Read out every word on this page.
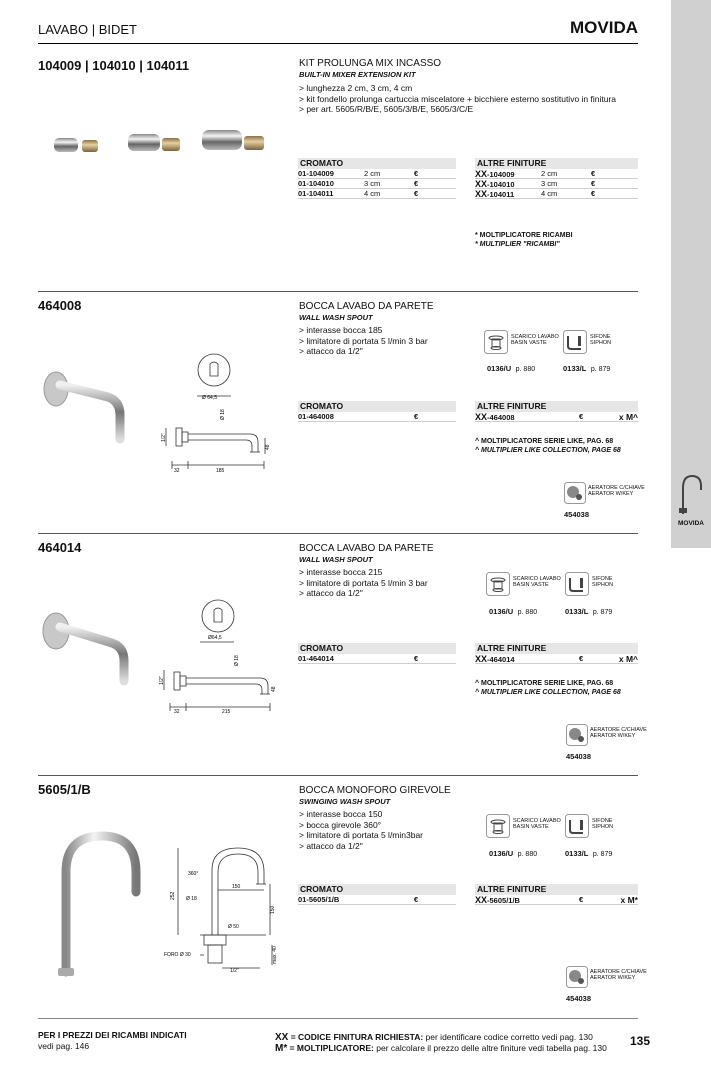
LAVABO | BIDET	MOVIDA
MOVIDA
104009 | 104010 | 104011	KIT PROLUNGA MIX INCASSO
BUILT-IN MIXER EXTENSION KIT
> lunghezza 2 cm, 3 cm, 4 cm
> kit fondello prolunga cartuccia miscelatore + bicchiere esterno sostitutivo in finitura
> per art. 5605/R/B/E, 5605/3/B/E, 5605/3/C/E
CROMATO
01-104009	2 cm	€
01-104010	3 cm	€
01-104011	4 cm	€
ALTRE FINITURE
XX-104009	2 cm	€
XX-104010	3 cm	€
XX-104011	4 cm	€
* MOLTIPLICATORE RICAMBI
* MULTIPLIER "RICAMBI"
464008	BOCCA LAVABO DA PARETE
WALL WASH SPOUT
> interasse bocca 185
> limitatore di portata 5 l/min 3 bar
> attacco da 1/2"
SCARICO LAVABO
BASIN VASTE
0136/U p. 880
SIFONE
SIPHON
0133/L p. 879
Ø 64,5
Ø 18
1/2"
48
32	185
CROMATO
01-464008	€
ALTRE FINITURE
XX-464008	€	x M^
^ MOLTIPLICATORE SERIE LIKE, PAG. 68
^ MULTIPLIER LIKE COLLECTION, PAGE 68
AERATORE C/CHIAVE
AERATOR W/KEY
454038
464014	BOCCA LAVABO DA PARETE
WALL WASH SPOUT
> interasse bocca 215
> limitatore di portata 5 l/min 3 bar
> attacco da 1/2"
SCARICO LAVABO
BASIN VASTE
0136/U p. 880
SIFONE
SIPHON
0133/L p. 879
Ø64,5
Ø 18
1/2"
48
32	215
CROMATO
01-464014	€
ALTRE FINITURE
XX-464014	€	x M^
^ MOLTIPLICATORE SERIE LIKE, PAG. 68
^ MULTIPLIER LIKE COLLECTION, PAGE 68
AERATORE C/CHIAVE
AERATOR W/KEY
454038
5605/1/B	BOCCA MONOFORO GIREVOLE
SWINGING WASH SPOUT
> interasse bocca 150
> bocca girevole 360°
> limitatore di portata 5 l/min3bar
> attacco da 1/2"
SCARICO LAVABO
BASIN VASTE
0136/U p. 880
SIFONE
SIPHON
0133/L p. 879
360°
252 Ø 18
150
150
Ø 50
FORO Ø 30	max. 40
1/2"
CROMATO
01-5605/1/B	€
ALTRE FINITURE
XX-5605/1/B	€	x M*
AERATORE C/CHIAVE
AERATOR W/KEY
454038
PER I PREZZI DEI RICAMBI INDICATI
vedi pag. 146
XX = CODICE FINITURA RICHIESTA: per identificare codice corretto vedi pag. 130
M* = MOLTIPLICATORE: per calcolare il prezzo delle altre finiture vedi tabella pag. 130 135
